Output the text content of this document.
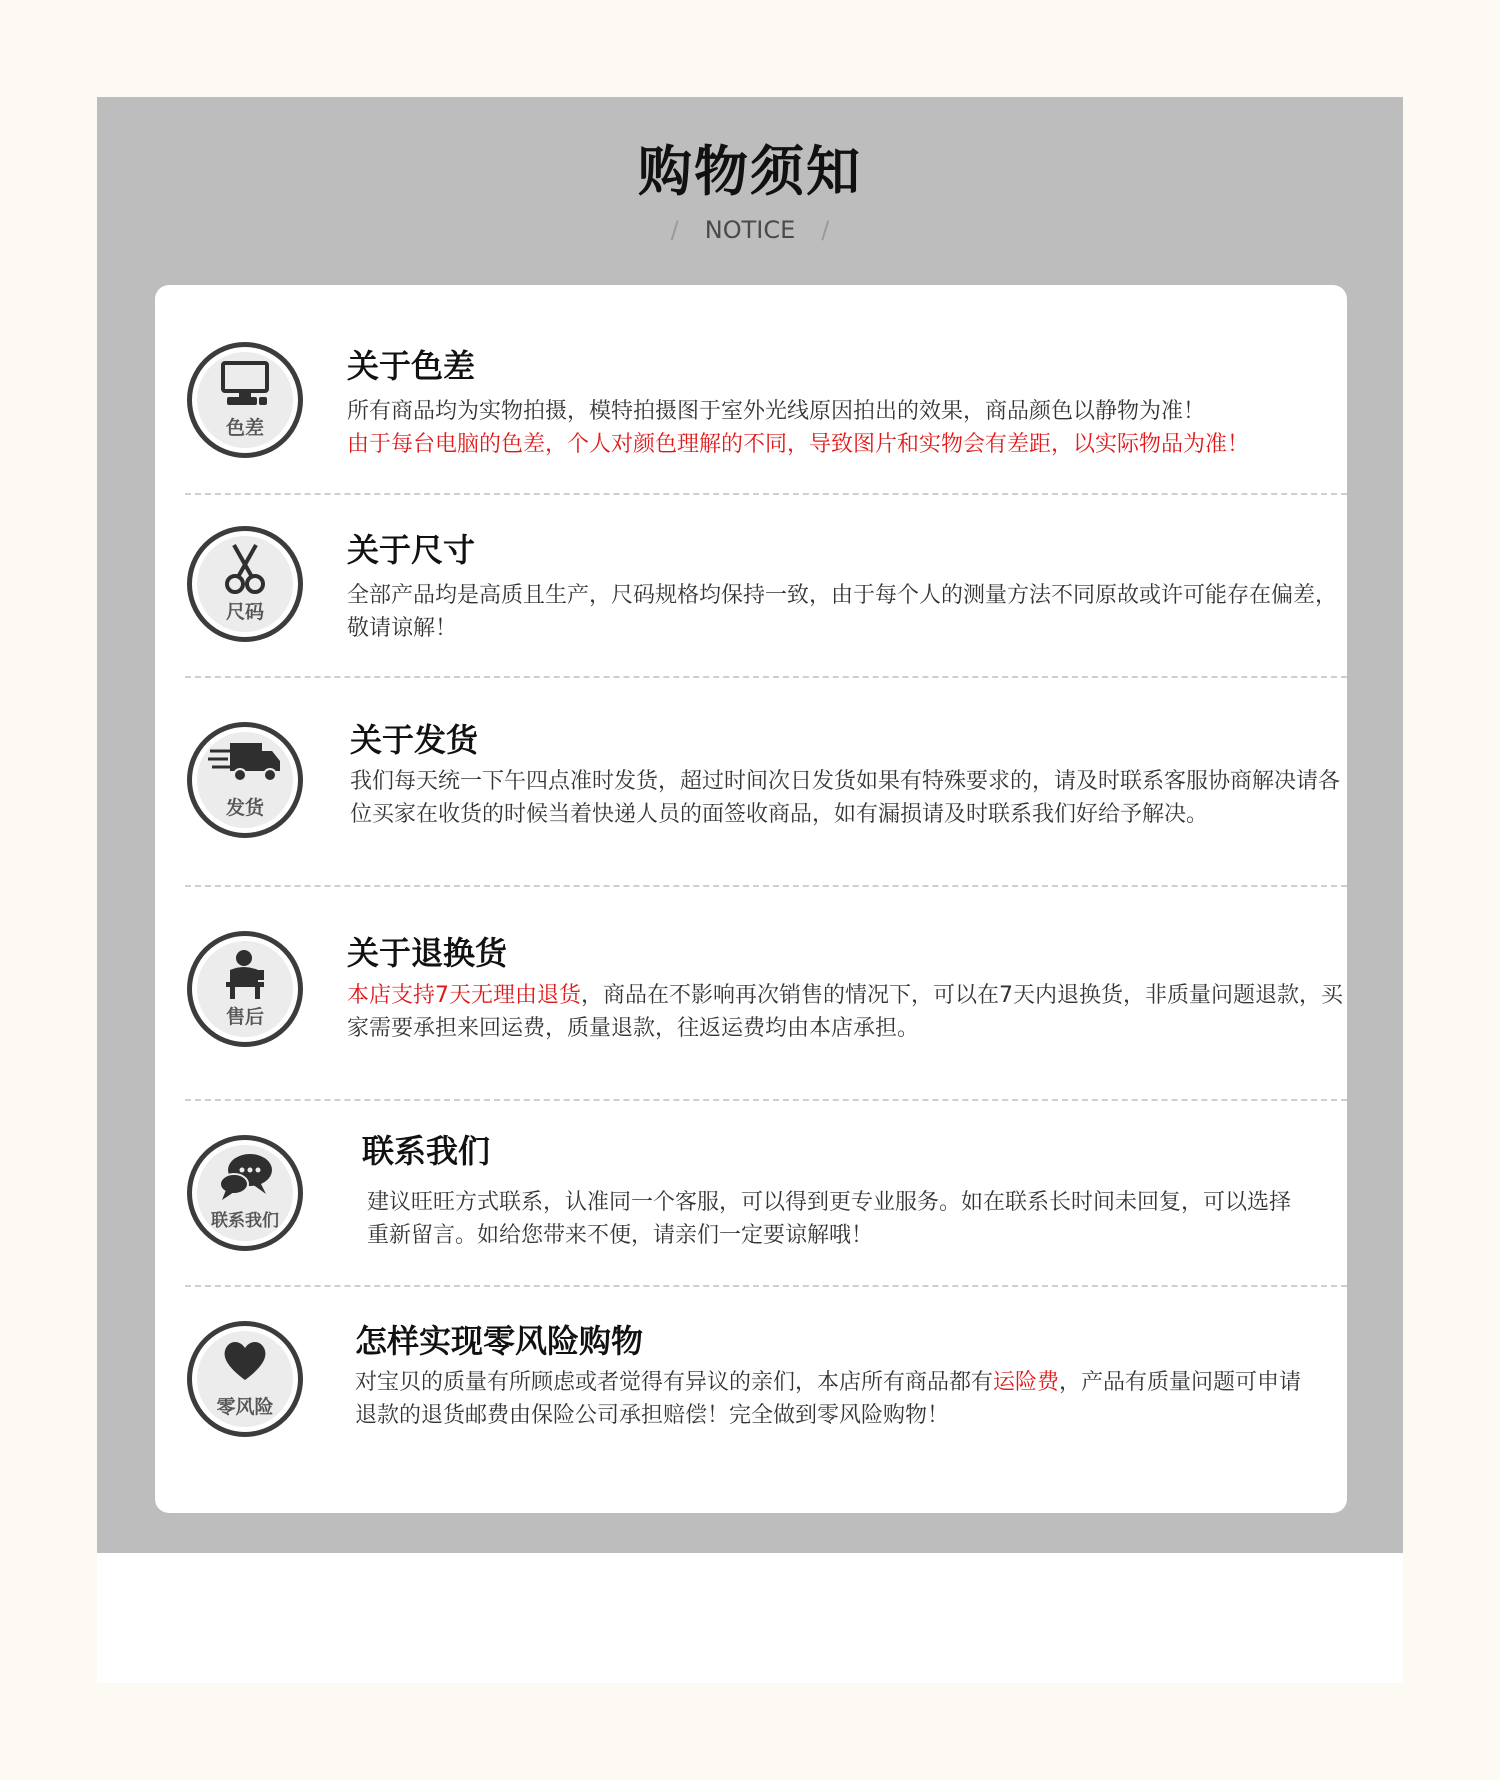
购物须知
/ NOTICE /
色差
关于色差
所有商品均为实物拍摄，模特拍摄图于室外光线原因拍出的效果，商品颜色以静物为准！
由于每台电脑的色差，个人对颜色理解的不同，导致图片和实物会有差距，以实际物品为准！
尺码
关于尺寸
全部产品均是高质且生产，尺码规格均保持一致，由于每个人的测量方法不同原故或许可能存在偏差，敬请谅解！
发货
关于发货
我们每天统一下午四点准时发货，超过时间次日发货如果有特殊要求的，请及时联系客服协商解决请各位买家在收货的时候当着快递人员的面签收商品，如有漏损请及时联系我们好给予解决。
售后
关于退换货
本店支持7天无理由退货，商品在不影响再次销售的情况下，可以在7天内退换货，非质量问题退款，买家需要承担来回运费，质量退款，往返运费均由本店承担。
联系我们
联系我们
建议旺旺方式联系，认准同一个客服，可以得到更专业服务。如在联系长时间未回复，可以选择重新留言。如给您带来不便，请亲们一定要谅解哦！
零风险
怎样实现零风险购物
对宝贝的质量有所顾虑或者觉得有异议的亲们，本店所有商品都有运险费，产品有质量问题可申请退款的退货邮费由保险公司承担赔偿！完全做到零风险购物！
